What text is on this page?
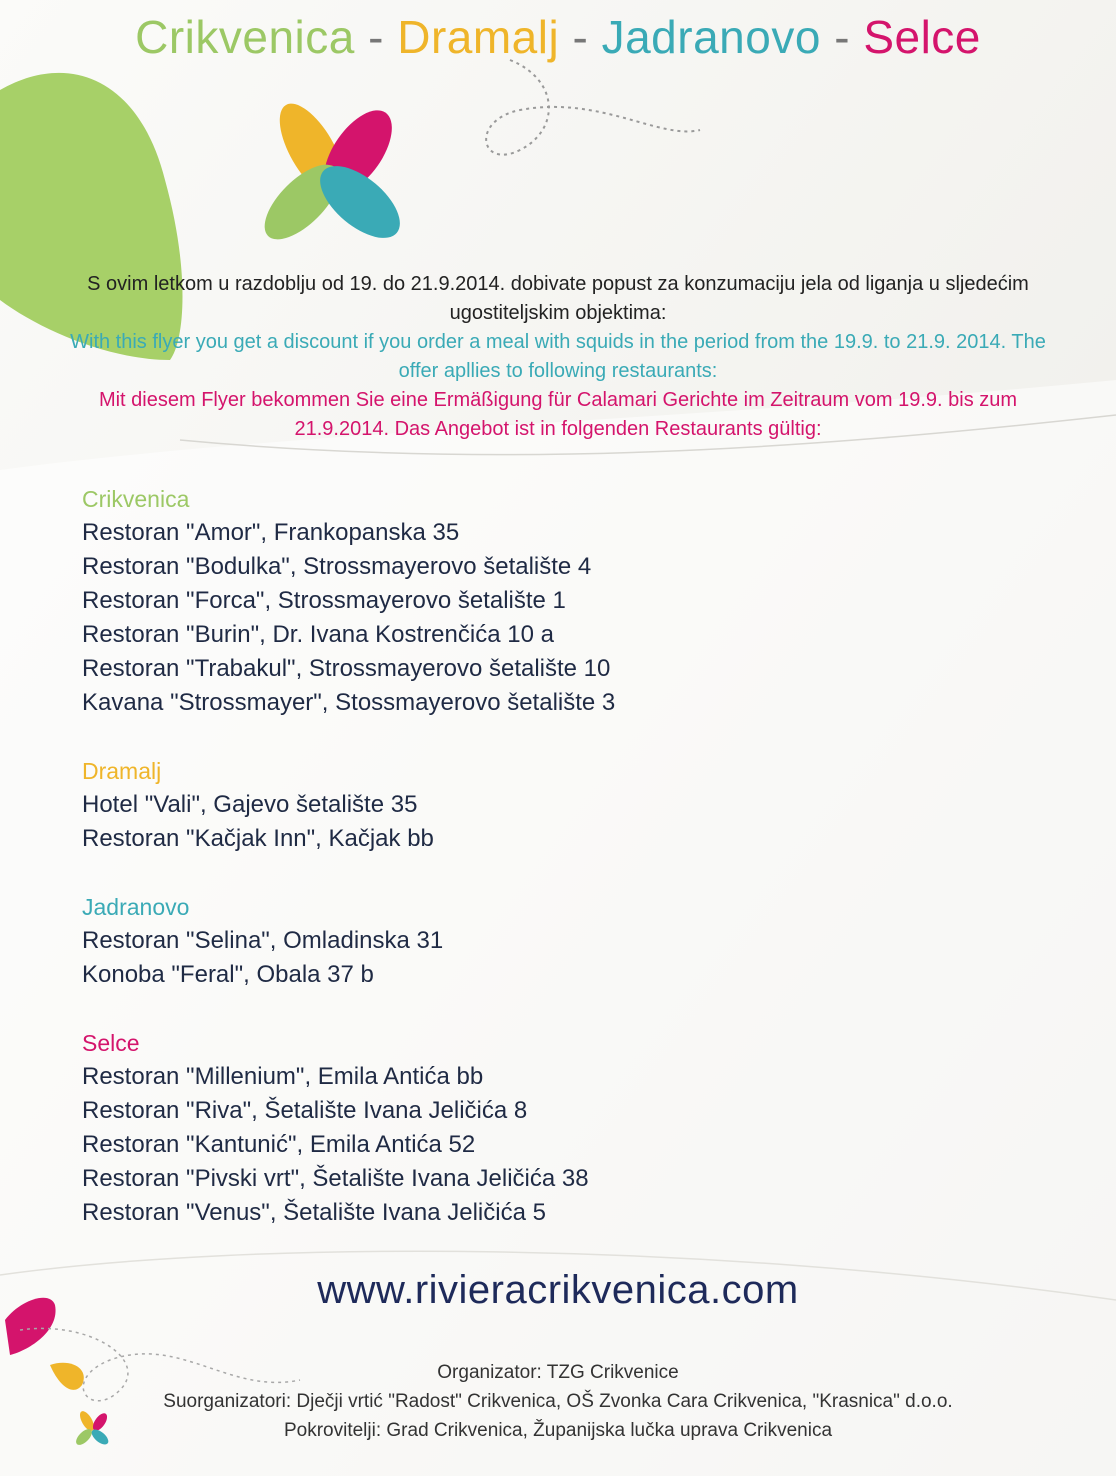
Crikvenica - Dramalj - Jadranovo - Selce

S ovim letkom u razdoblju od 19. do 21.9.2014. dobivate popust za konzumaciju jela od liganja u sljedećim ugostiteljskim objektima:

With this flyer you get a discount if you order a meal with squids in the period from the 19.9. to 21.9. 2014. The offer apllies to following restaurants:

Mit diesem Flyer bekommen Sie eine Ermäßigung für Calamari Gerichte im Zeitraum vom 19.9. bis zum 21.9.2014. Das Angebot ist in folgenden Restaurants gültig:

Crikvenica
Restoran "Amor", Frankopanska 35
Restoran "Bodulka", Strossmayerovo šetalište 4
Restoran "Forca", Strossmayerovo šetalište 1
Restoran "Burin", Dr. Ivana Kostrenčića 10 a
Restoran "Trabakul", Strossmayerovo šetalište 10
Kavana "Strossmayer", Stossmayerovo šetalište 3
Dramalj
Hotel "Vali", Gajevo šetalište 35
Restoran "Kačjak Inn", Kačjak bb
Jadranovo
Restoran "Selina", Omladinska 31
Konoba "Feral", Obala 37 b
Selce
Restoran "Millenium", Emila Antića bb
Restoran "Riva", Šetalište Ivana Jeličića 8
Restoran "Kantunić", Emila Antića 52
Restoran "Pivski vrt", Šetalište Ivana Jeličića 38
Restoran "Venus", Šetalište Ivana Jeličića 5
www.rivieracrikvenica.com

Organizator: TZG Crikvenice

Suorganizatori: Dječji vrtić "Radost" Crikvenica, OŠ Zvonka Cara Crikvenica, "Krasnica" d.o.o.

Pokrovitelji: Grad Crikvenica, Županijska lučka uprava Crikvenica
